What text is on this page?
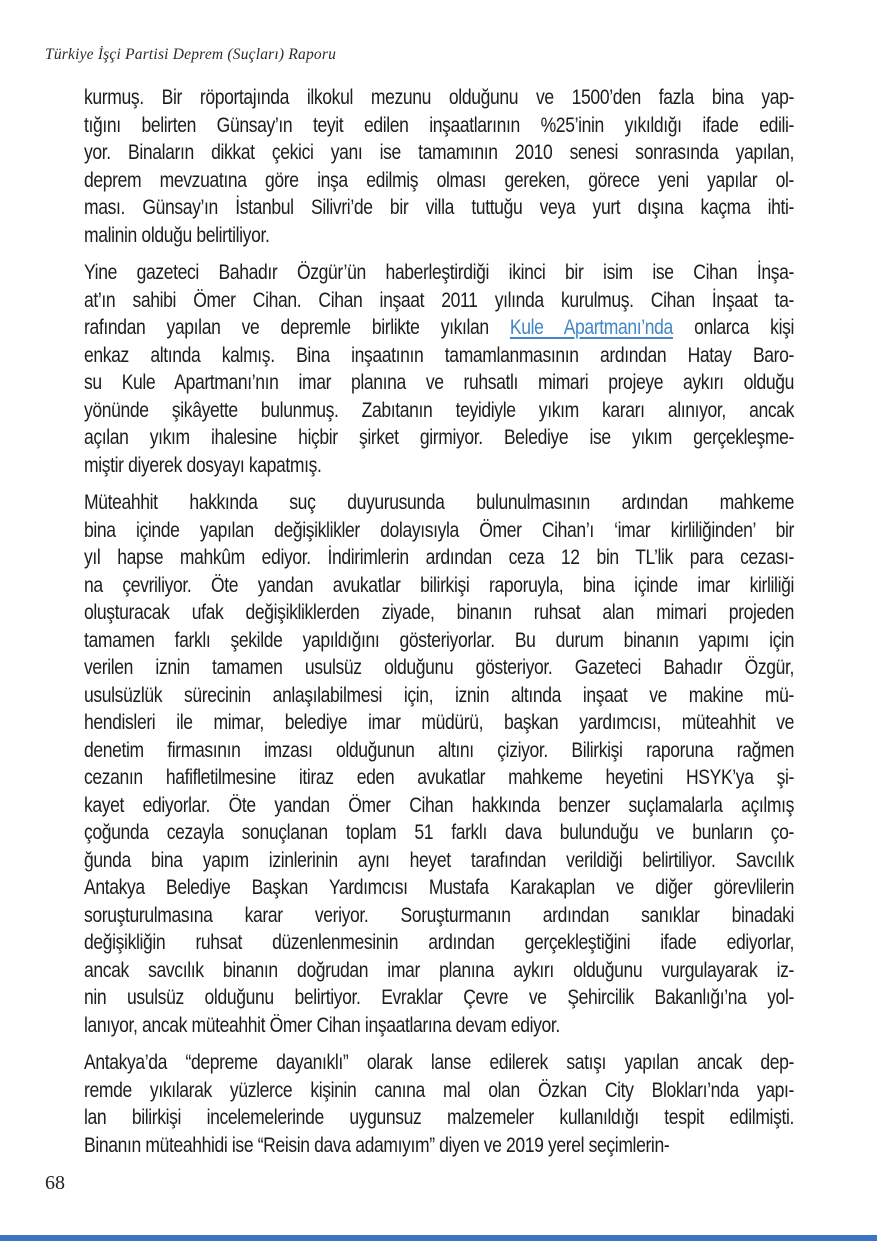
Türkiye İşçi Partisi Deprem (Suçları) Raporu
kurmuş. Bir röportajında ilkokul mezunu olduğunu ve 1500’den fazla bina yap-
tığını belirten Günsay’ın teyit edilen inşaatlarının %25’inin yıkıldığı ifade edili-
yor. Binaların dikkat çekici yanı ise tamamının 2010 senesi sonrasında yapılan,
deprem mevzuatına göre inşa edilmiş olması gereken, görece yeni yapılar ol-
ması. Günsay’ın İstanbul Silivri’de bir villa tuttuğu veya yurt dışına kaçma ihti-
malinin olduğu belirtiliyor.
Yine gazeteci Bahadır Özgür’ün haberleştirdiği ikinci bir isim ise Cihan İnşa-
at’ın sahibi Ömer Cihan. Cihan inşaat 2011 yılında kurulmuş. Cihan İnşaat ta-
rafından yapılan ve depremle birlikte yıkılan Kule Apartmanı’nda onlarca kişi
enkaz altında kalmış. Bina inşaatının tamamlanmasının ardından Hatay Baro-
su Kule Apartmanı’nın imar planına ve ruhsatlı mimari projeye aykırı olduğu
yönünde şikâyette bulunmuş. Zabıtanın teyidiyle yıkım kararı alınıyor, ancak
açılan yıkım ihalesine hiçbir şirket girmiyor. Belediye ise yıkım gerçekleşme-
miştir diyerek dosyayı kapatmış.
Müteahhit hakkında suç duyurusunda bulunulmasının ardından mahkeme
bina içinde yapılan değişiklikler dolayısıyla Ömer Cihan’ı ‘imar kirliliğinden’ bir
yıl hapse mahkûm ediyor. İndirimlerin ardından ceza 12 bin TL’lik para cezası-
na çevriliyor. Öte yandan avukatlar bilirkişi raporuyla, bina içinde imar kirliliği
oluşturacak ufak değişikliklerden ziyade, binanın ruhsat alan mimari projeden
tamamen farklı şekilde yapıldığını gösteriyorlar. Bu durum binanın yapımı için
verilen iznin tamamen usulsüz olduğunu gösteriyor. Gazeteci Bahadır Özgür,
usulsüzlük sürecinin anlaşılabilmesi için, iznin altında inşaat ve makine mü-
hendisleri ile mimar, belediye imar müdürü, başkan yardımcısı, müteahhit ve
denetim firmasının imzası olduğunun altını çiziyor. Bilirkişi raporuna rağmen
cezanın hafifletilmesine itiraz eden avukatlar mahkeme heyetini HSYK’ya şi-
kayet ediyorlar. Öte yandan Ömer Cihan hakkında benzer suçlamalarla açılmış
çoğunda cezayla sonuçlanan toplam 51 farklı dava bulunduğu ve bunların ço-
ğunda bina yapım izinlerinin aynı heyet tarafından verildiği belirtiliyor. Savcılık
Antakya Belediye Başkan Yardımcısı Mustafa Karakaplan ve diğer görevlilerin
soruşturulmasına karar veriyor. Soruşturmanın ardından sanıklar binadaki
değişikliğin ruhsat düzenlenmesinin ardından gerçekleştiğini ifade ediyorlar,
ancak savcılık binanın doğrudan imar planına aykırı olduğunu vurgulayarak iz-
nin usulsüz olduğunu belirtiyor. Evraklar Çevre ve Şehircilik Bakanlığı’na yol-
lanıyor, ancak müteahhit Ömer Cihan inşaatlarına devam ediyor.
Antakya’da “depreme dayanıklı” olarak lanse edilerek satışı yapılan ancak dep-
remde yıkılarak yüzlerce kişinin canına mal olan Özkan City Blokları’nda yapı-
lan bilirkişi incelemelerinde uygunsuz malzemeler kullanıldığı tespit edilmişti.
Binanın müteahhidi ise “Reisin dava adamıyım” diyen ve 2019 yerel seçimlerin-
68
